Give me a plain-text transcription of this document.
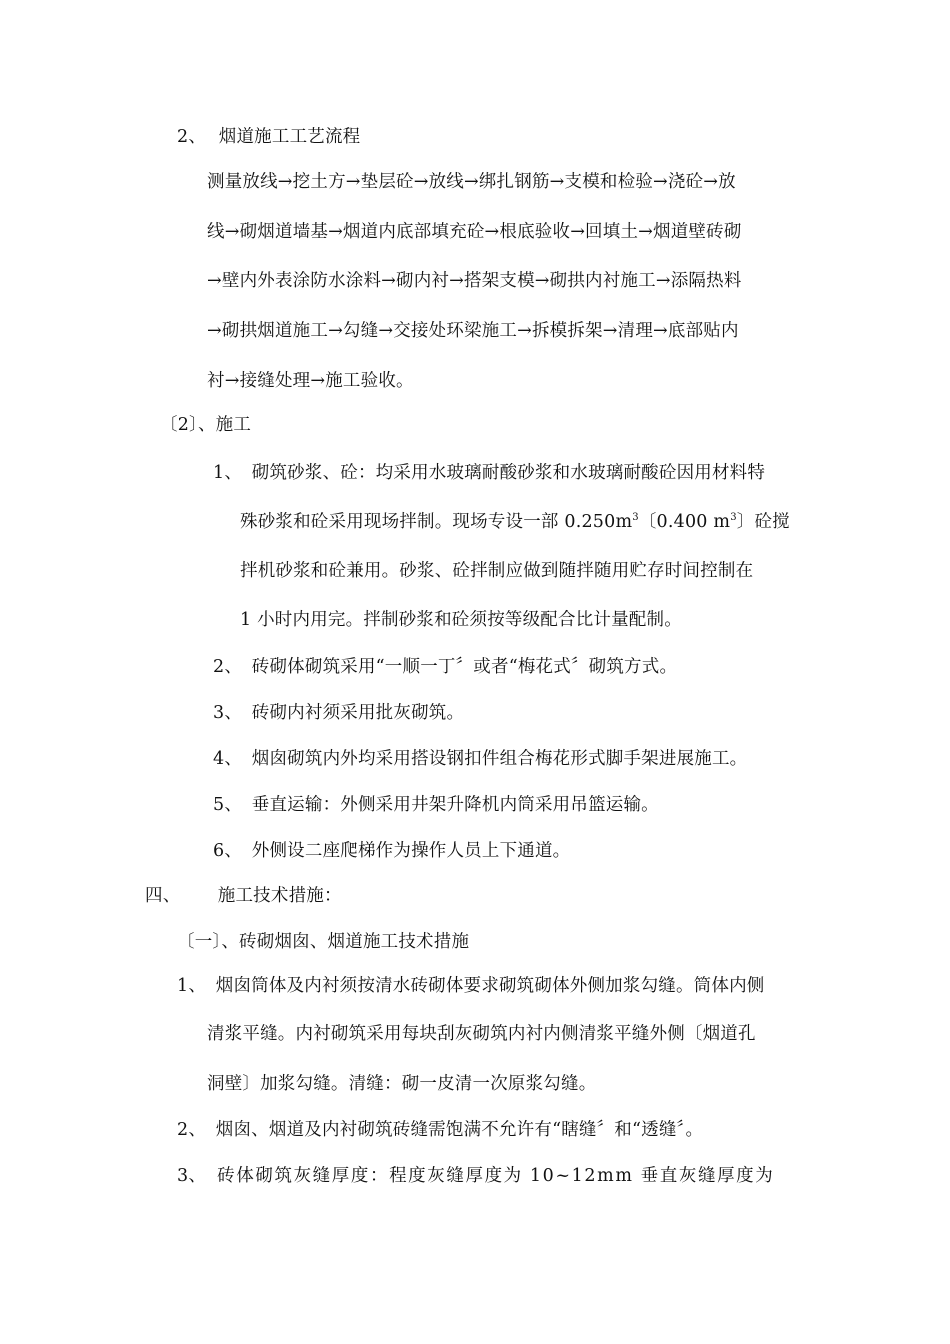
2、 烟道施工工艺流程
测量放线→挖土方→垫层砼→放线→绑扎钢筋→支模和检验→浇砼→放
线→砌烟道墙基→烟道内底部填充砼→根底验收→回填土→烟道壁砖砌
→壁内外表涂防水涂料→砌内衬→搭架支模→砌拱内衬施工→添隔热料
→砌拱烟道施工→勾缝→交接处环梁施工→拆模拆架→清理→底部贴内
衬→接缝处理→施工验收。
〔2〕、施工
1、 砌筑砂浆、砼：均采用水玻璃耐酸砂浆和水玻璃耐酸砼因用材料特
殊砂浆和砼采用现场拌制。现场专设一部 $0.250m^3$〔0.400 $m^3$〕砼搅
拌机砂浆和砼兼用。砂浆、砼拌制应做到随拌随用贮存时间控制在
1 小时内用完。拌制砂浆和砼须按等级配合比计量配制。
2、 砖砌体砌筑采用“一顺一丁〞或者“梅花式〞砌筑方式。
3、 砖砌内衬须采用批灰砌筑。
4、 烟囱砌筑内外均采用搭设钢扣件组合梅花形式脚手架进展施工。
5、 垂直运输：外侧采用井架升降机内筒采用吊篮运输。
6、 外侧设二座爬梯作为操作人员上下通道。
四、 施工技术措施：
〔一〕、砖砌烟囱、烟道施工技术措施
1、 烟囱筒体及内衬须按清水砖砌体要求砌筑砌体外侧加浆勾缝。筒体内侧
清浆平缝。内衬砌筑采用每块刮灰砌筑内衬内侧清浆平缝外侧〔烟道孔
洞壁〕加浆勾缝。清缝：砌一皮清一次原浆勾缝。
2、 烟囱、烟道及内衬砌筑砖缝需饱满不允许有“瞎缝〞和“透缝〞。
3、 砖体砌筑灰缝厚度：程度灰缝厚度为 10~12mm 垂直灰缝厚度为
